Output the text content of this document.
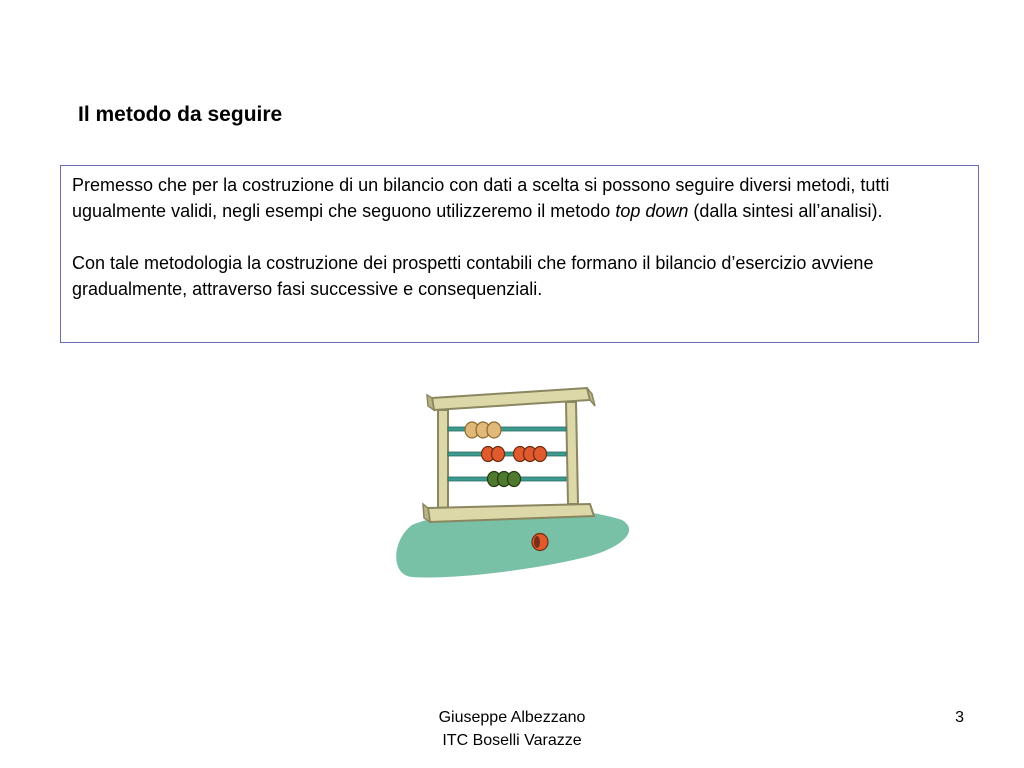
Il metodo da seguire

Premesso che per la costruzione di un bilancio con dati a scelta si possono seguire diversi metodi, tutti ugualmente validi, negli esempi che seguono utilizzeremo il metodo top down (dalla sintesi all’analisi).

Con tale metodologia la costruzione dei prospetti contabili che formano il bilancio d’esercizio avviene gradualmente, attraverso fasi successive e consequenziali.

Giuseppe Albezzano
ITC Boselli Varazze
3
